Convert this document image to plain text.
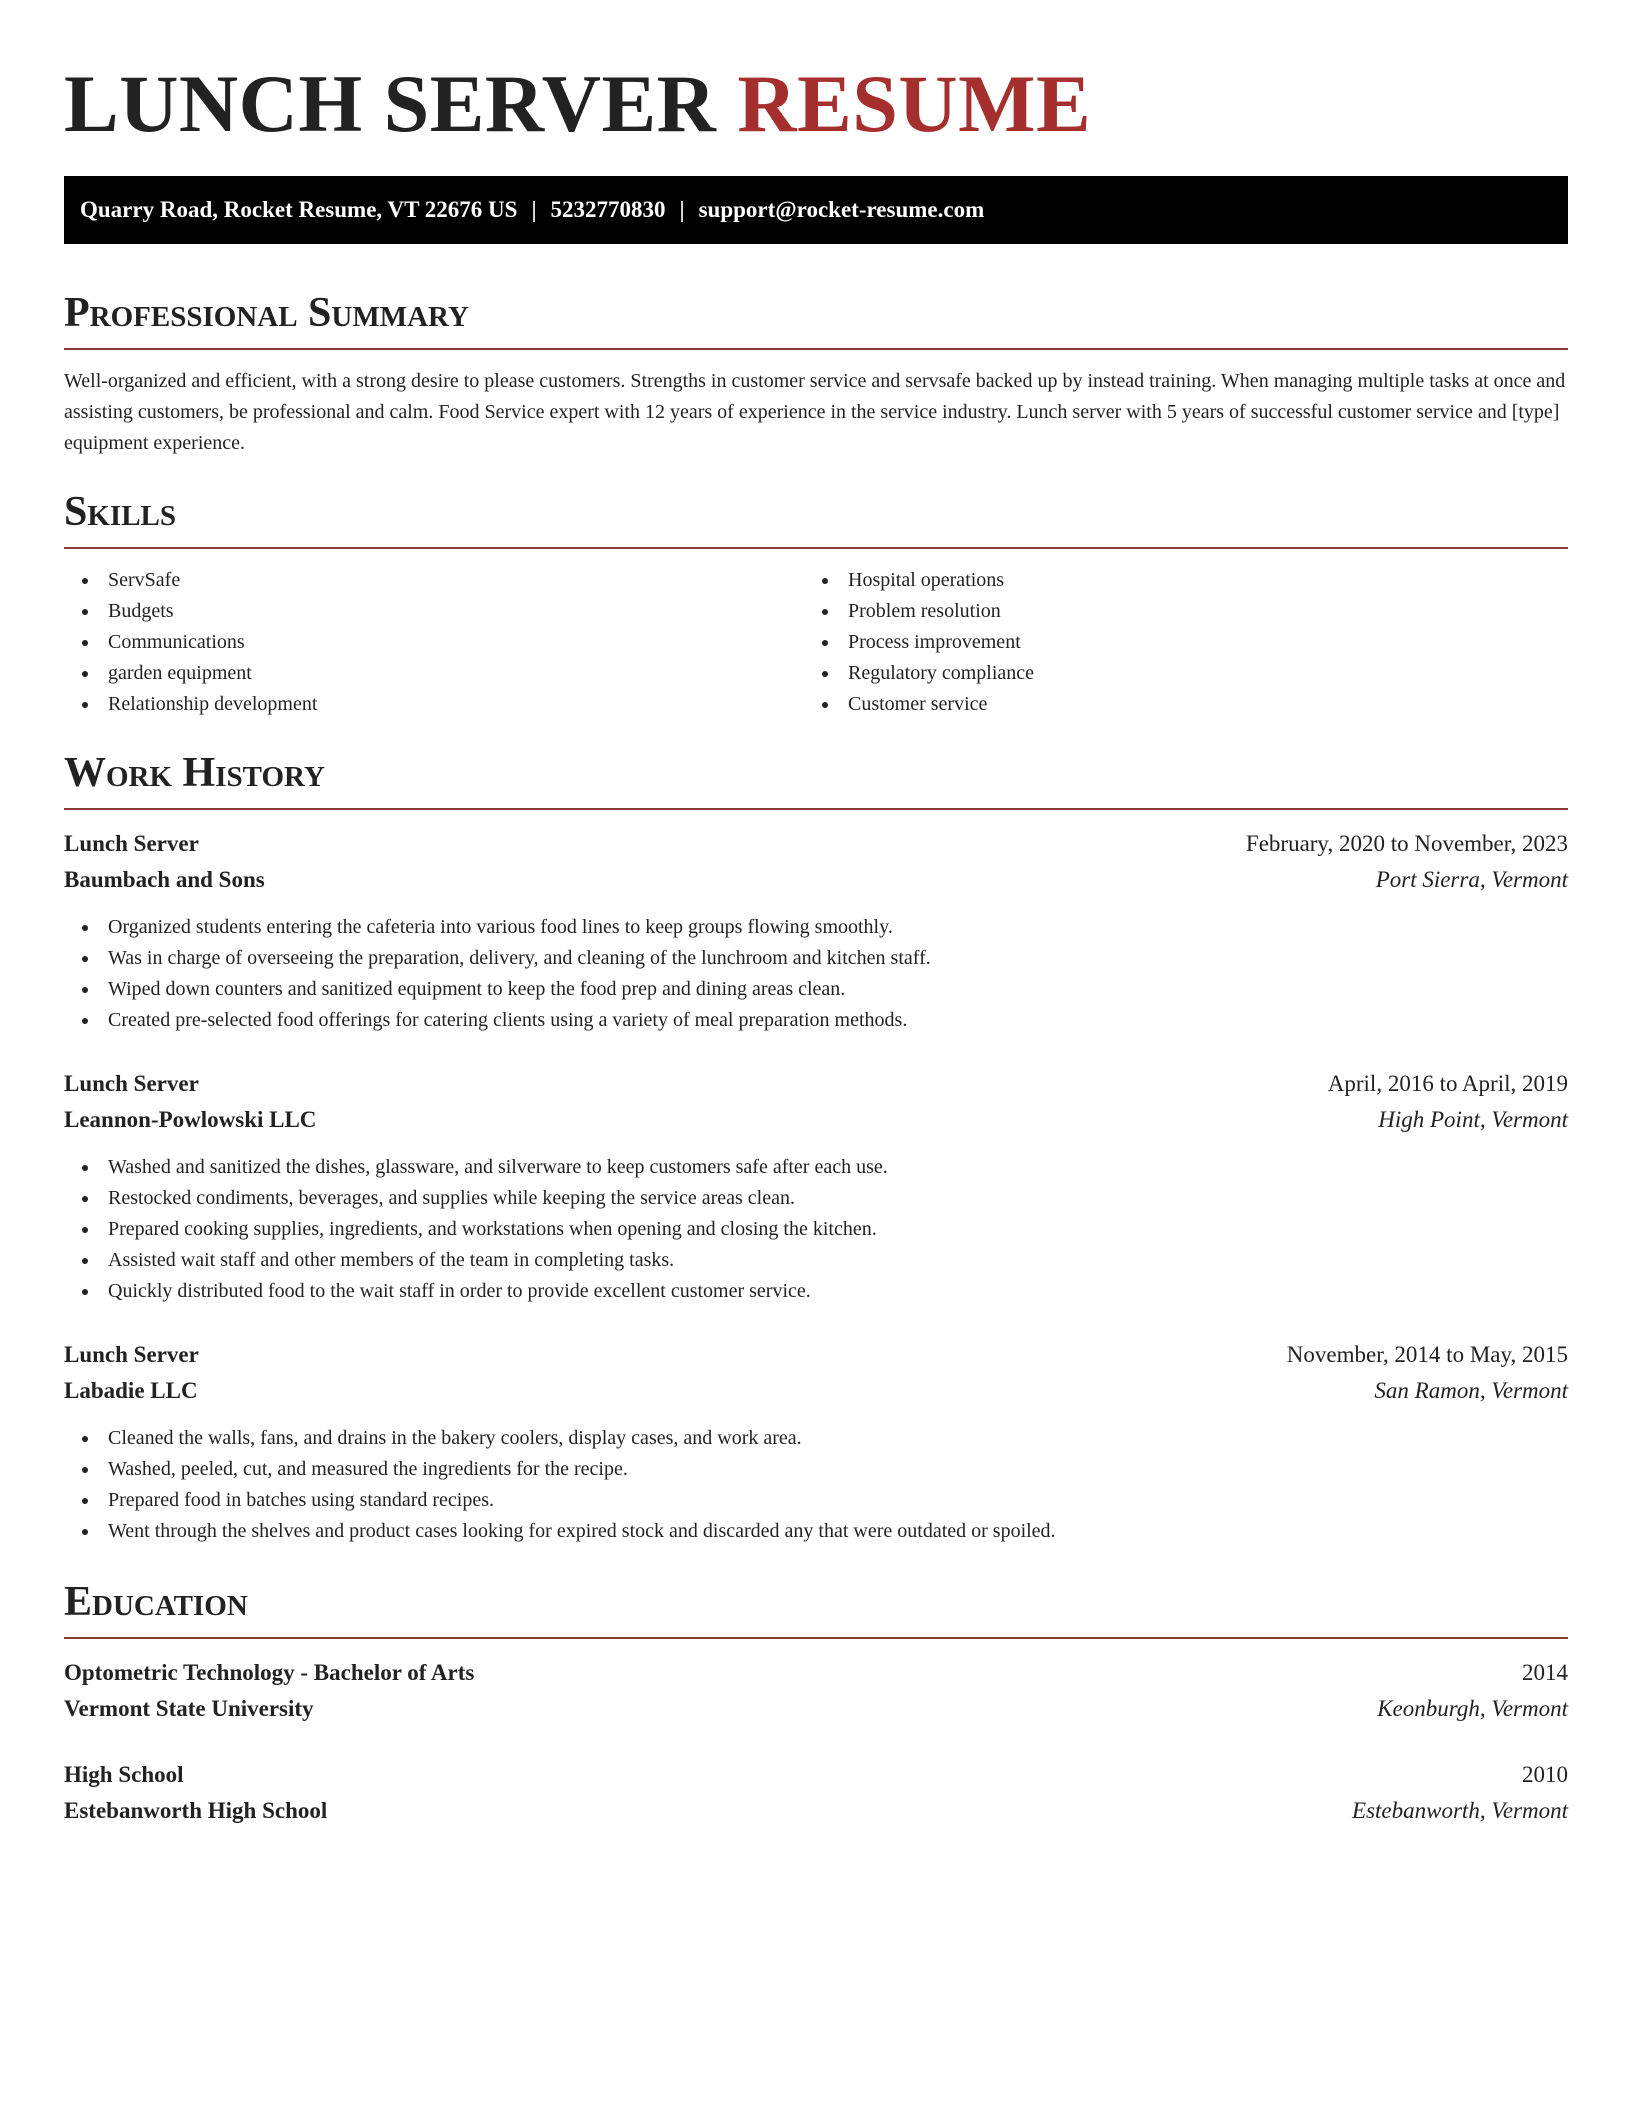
LUNCH SERVER RESUME
Quarry Road, Rocket Resume, VT 22676 US | 5232770830 | support@rocket-resume.com
Professional Summary

Well-organized and efficient, with a strong desire to please customers. Strengths in customer service and servsafe backed up by instead training. When managing multiple tasks at once and assisting customers, be professional and calm. Food Service expert with 12 years of experience in the service industry. Lunch server with 5 years of successful customer service and [type] equipment experience.

Skills
ServSafe
Budgets
Communications
garden equipment
Relationship development
Hospital operations
Problem resolution
Process improvement
Regulatory compliance
Customer service
Work History
Lunch Server	February, 2020 to November, 2023
Baumbach and Sons	Port Sierra, Vermont
Organized students entering the cafeteria into various food lines to keep groups flowing smoothly.
Was in charge of overseeing the preparation, delivery, and cleaning of the lunchroom and kitchen staff.
Wiped down counters and sanitized equipment to keep the food prep and dining areas clean.
Created pre-selected food offerings for catering clients using a variety of meal preparation methods.
Lunch Server	April, 2016 to April, 2019
Leannon-Powlowski LLC	High Point, Vermont
Washed and sanitized the dishes, glassware, and silverware to keep customers safe after each use.
Restocked condiments, beverages, and supplies while keeping the service areas clean.
Prepared cooking supplies, ingredients, and workstations when opening and closing the kitchen.
Assisted wait staff and other members of the team in completing tasks.
Quickly distributed food to the wait staff in order to provide excellent customer service.
Lunch Server	November, 2014 to May, 2015
Labadie LLC	San Ramon, Vermont
Cleaned the walls, fans, and drains in the bakery coolers, display cases, and work area.
Washed, peeled, cut, and measured the ingredients for the recipe.
Prepared food in batches using standard recipes.
Went through the shelves and product cases looking for expired stock and discarded any that were outdated or spoiled.
Education
Optometric Technology - Bachelor of Arts	2014
Vermont State University	Keonburgh, Vermont
High School	2010
Estebanworth High School	Estebanworth, Vermont
